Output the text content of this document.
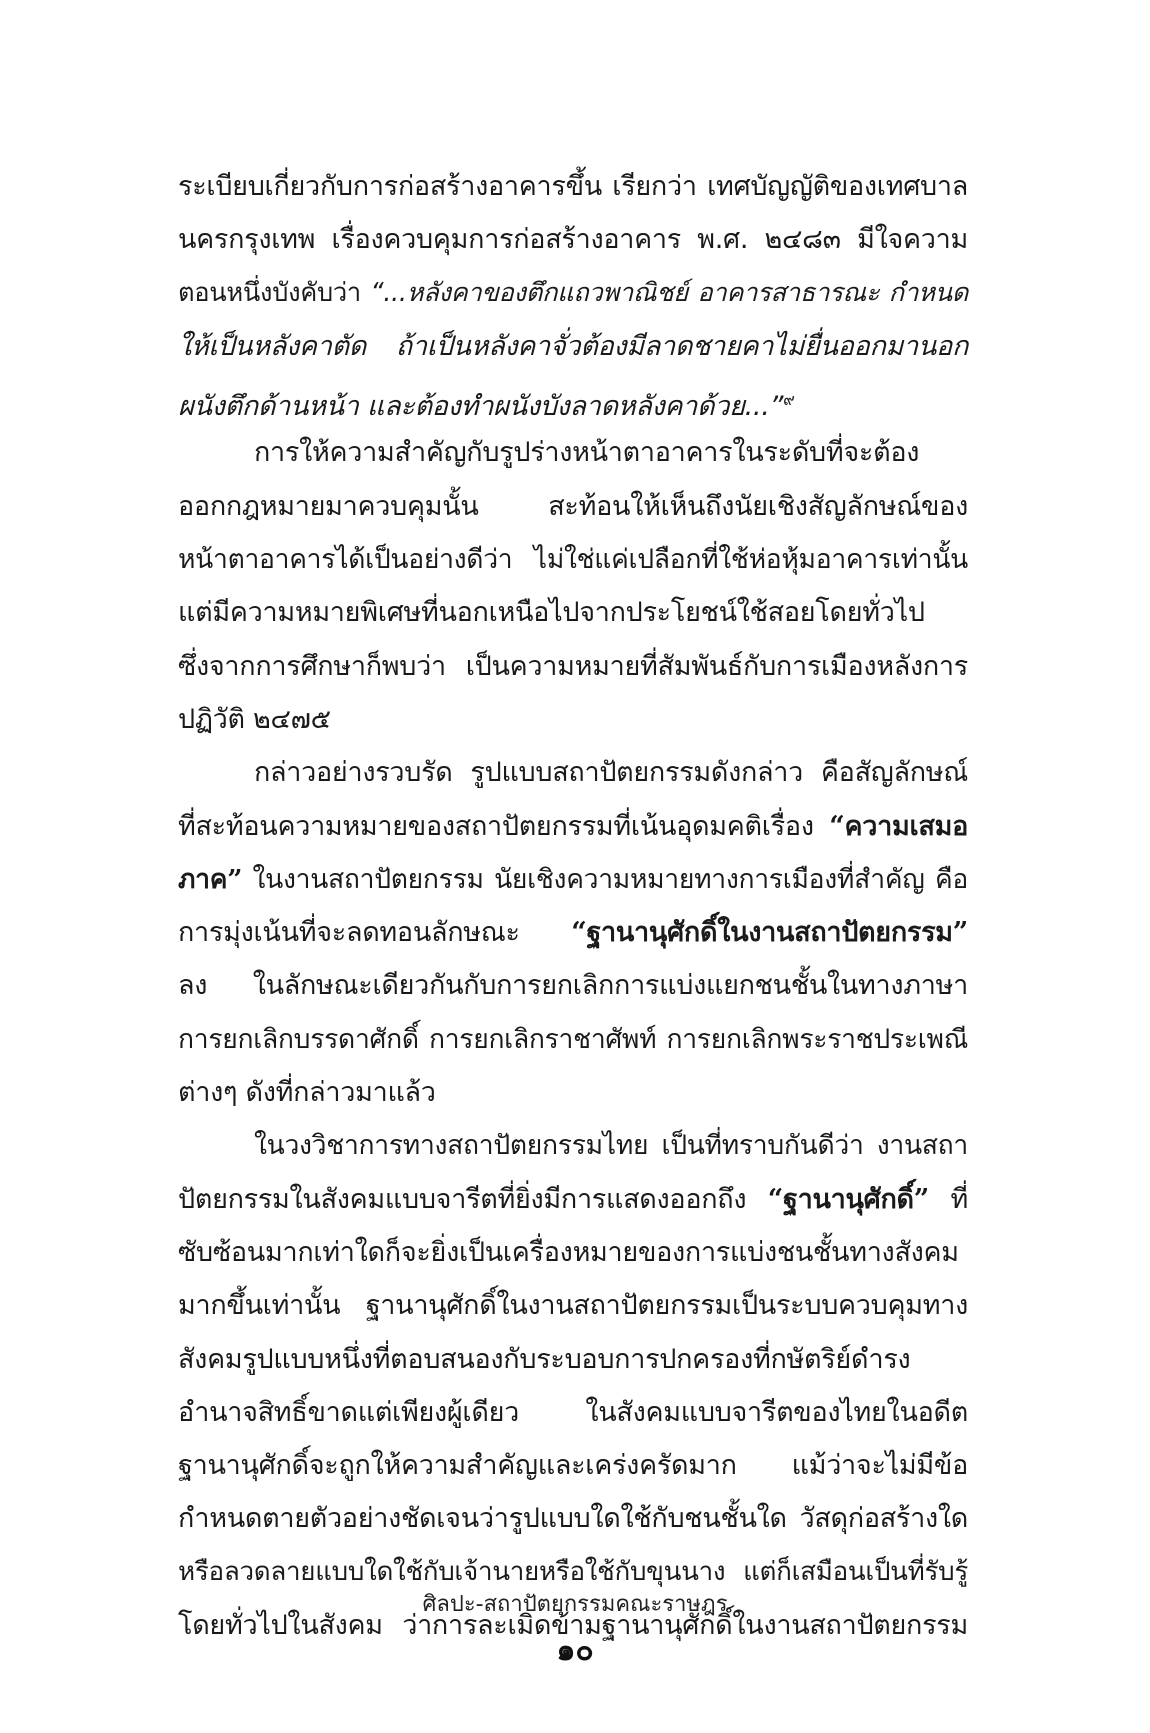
ระเบียบเกี่ยวกับการก่อสร้างอาคารขึ้น เรียกว่า เทศบัญญัติของเทศบาล
นครกรุงเทพ เรื่องควบคุมการก่อสร้างอาคาร พ.ศ. ๒๔๘๓ มีใจความ
ตอนหนึ่งบังคับว่า “...หลังคาของตึกแถวพาณิชย์ อาคารสาธารณะ กำหนด
ให้เป็นหลังคาตัด ถ้าเป็นหลังคาจั่วต้องมีลาดชายคาไม่ยื่นออกมานอก
ผนังตึกด้านหน้า และต้องทำผนังบังลาดหลังคาด้วย...”$^๙$
การให้ความสำคัญกับรูปร่างหน้าตาอาคารในระดับที่จะต้อง
ออกกฎหมายมาควบคุมนั้น สะท้อนให้เห็นถึงนัยเชิงสัญลักษณ์ของ
หน้าตาอาคารได้เป็นอย่างดีว่า ไม่ใช่แค่เปลือกที่ใช้ห่อหุ้มอาคารเท่านั้น
แต่มีความหมายพิเศษที่นอกเหนือไปจากประโยชน์ใช้สอยโดยทั่วไป
ซึ่งจากการศึกษาก็พบว่า เป็นความหมายที่สัมพันธ์กับการเมืองหลังการ
ปฏิวัติ ๒๔๗๕
กล่าวอย่างรวบรัด รูปแบบสถาปัตยกรรมดังกล่าว คือสัญลักษณ์
ที่สะท้อนความหมายของสถาปัตยกรรมที่เน้นอุดมคติเรื่อง “ความเสมอ
ภาค” ในงานสถาปัตยกรรม นัยเชิงความหมายทางการเมืองที่สำคัญ คือ
การมุ่งเน้นที่จะลดทอนลักษณะ “ฐานานุศักดิ์ในงานสถาปัตยกรรม”
ลง ในลักษณะเดียวกันกับการยกเลิกการแบ่งแยกชนชั้นในทางภาษา
การยกเลิกบรรดาศักดิ์ การยกเลิกราชาศัพท์ การยกเลิกพระราชประเพณี
ต่างๆ ดังที่กล่าวมาแล้ว
ในวงวิชาการทางสถาปัตยกรรมไทย เป็นที่ทราบกันดีว่า งานสถา
ปัตยกรรมในสังคมแบบจารีตที่ยิ่งมีการแสดงออกถึง “ฐานานุศักดิ์” ที่
ซับซ้อนมากเท่าใดก็จะยิ่งเป็นเครื่องหมายของการแบ่งชนชั้นทางสังคม
มากขึ้นเท่านั้น ฐานานุศักดิ์ในงานสถาปัตยกรรมเป็นระบบควบคุมทาง
สังคมรูปแบบหนึ่งที่ตอบสนองกับระบอบการปกครองที่กษัตริย์ดำรง
อำนาจสิทธิ์ขาดแต่เพียงผู้เดียว ในสังคมแบบจารีตของไทยในอดีต
ฐานานุศักดิ์จะถูกให้ความสำคัญและเคร่งครัดมาก แม้ว่าจะไม่มีข้อ
กำหนดตายตัวอย่างชัดเจนว่ารูปแบบใดใช้กับชนชั้นใด วัสดุก่อสร้างใด
หรือลวดลายแบบใดใช้กับเจ้านายหรือใช้กับขุนนาง แต่ก็เสมือนเป็นที่รับรู้
โดยทั่วไปในสังคม ว่าการละเมิดข้ามฐานานุศักดิ์ในงานสถาปัตยกรรม
ศิลปะ-สถาปัตยกรรมคณะราษฎร
๑๐
